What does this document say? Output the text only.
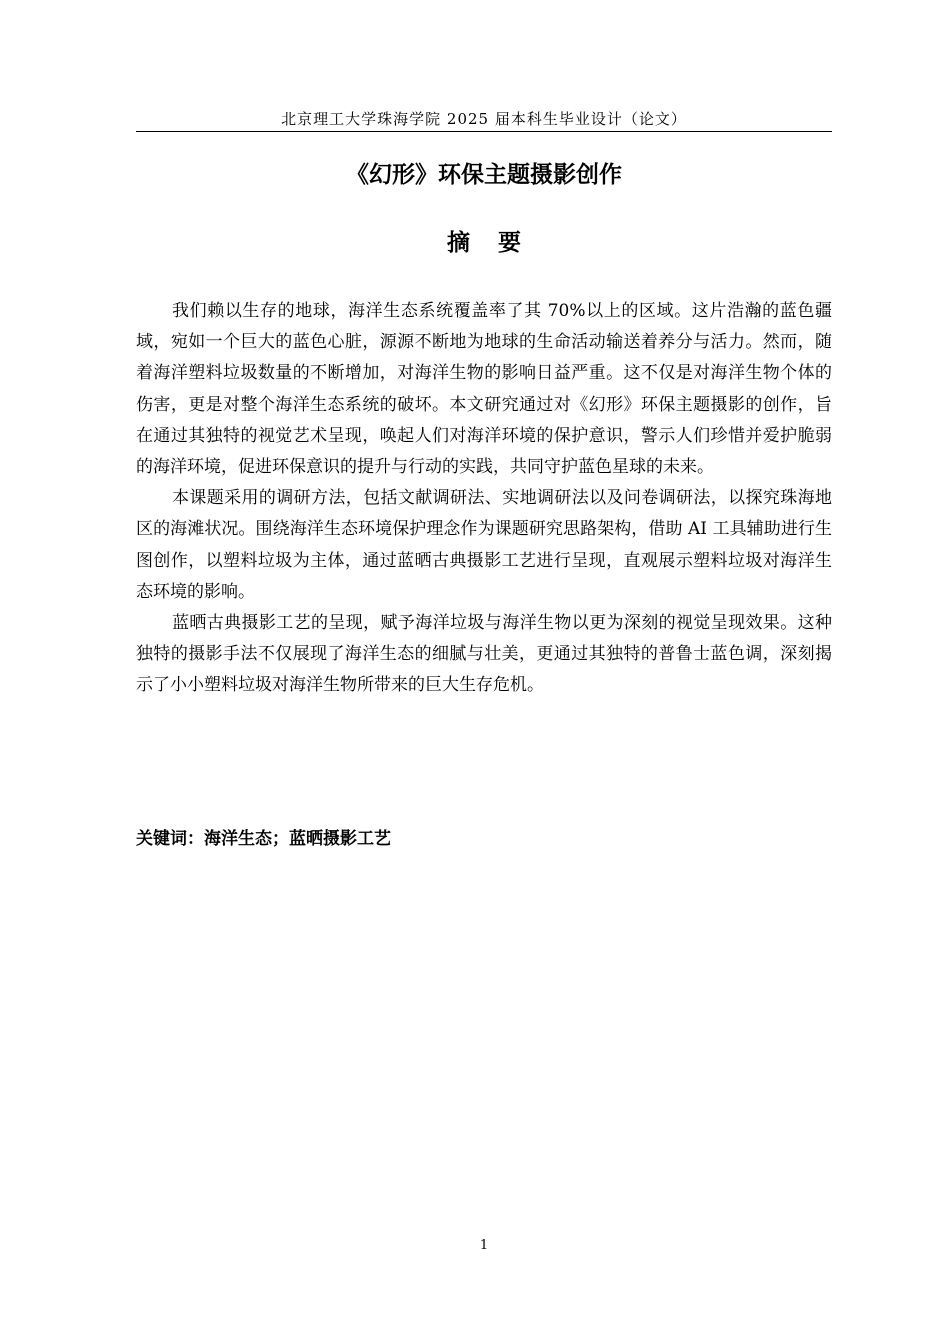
北京理工大学珠海学院 2025 届本科生毕业设计（论文）
《幻形》环保主题摄影创作
摘要

我们赖以生存的地球，海洋生态系统覆盖率了其 70%以上的区域。这片浩瀚的蓝色疆域，宛如一个巨大的蓝色心脏，源源不断地为地球的生命活动输送着养分与活力。然而，随着海洋塑料垃圾数量的不断增加，对海洋生物的影响日益严重。这不仅是对海洋生物个体的伤害，更是对整个海洋生态系统的破坏。本文研究通过对《幻形》环保主题摄影的创作，旨在通过其独特的视觉艺术呈现，唤起人们对海洋环境的保护意识，警示人们珍惜并爱护脆弱的海洋环境，促进环保意识的提升与行动的实践，共同守护蓝色星球的未来。

本课题采用的调研方法，包括文献调研法、实地调研法以及问卷调研法，以探究珠海地区的海滩状况。围绕海洋生态环境保护理念作为课题研究思路架构，借助 AI 工具辅助进行生图创作，以塑料垃圾为主体，通过蓝晒古典摄影工艺进行呈现，直观展示塑料垃圾对海洋生态环境的影响。

蓝晒古典摄影工艺的呈现，赋予海洋垃圾与海洋生物以更为深刻的视觉呈现效果。这种独特的摄影手法不仅展现了海洋生态的细腻与壮美，更通过其独特的普鲁士蓝色调，深刻揭示了小小塑料垃圾对海洋生物所带来的巨大生存危机。

关键词：海洋生态；蓝晒摄影工艺
1
